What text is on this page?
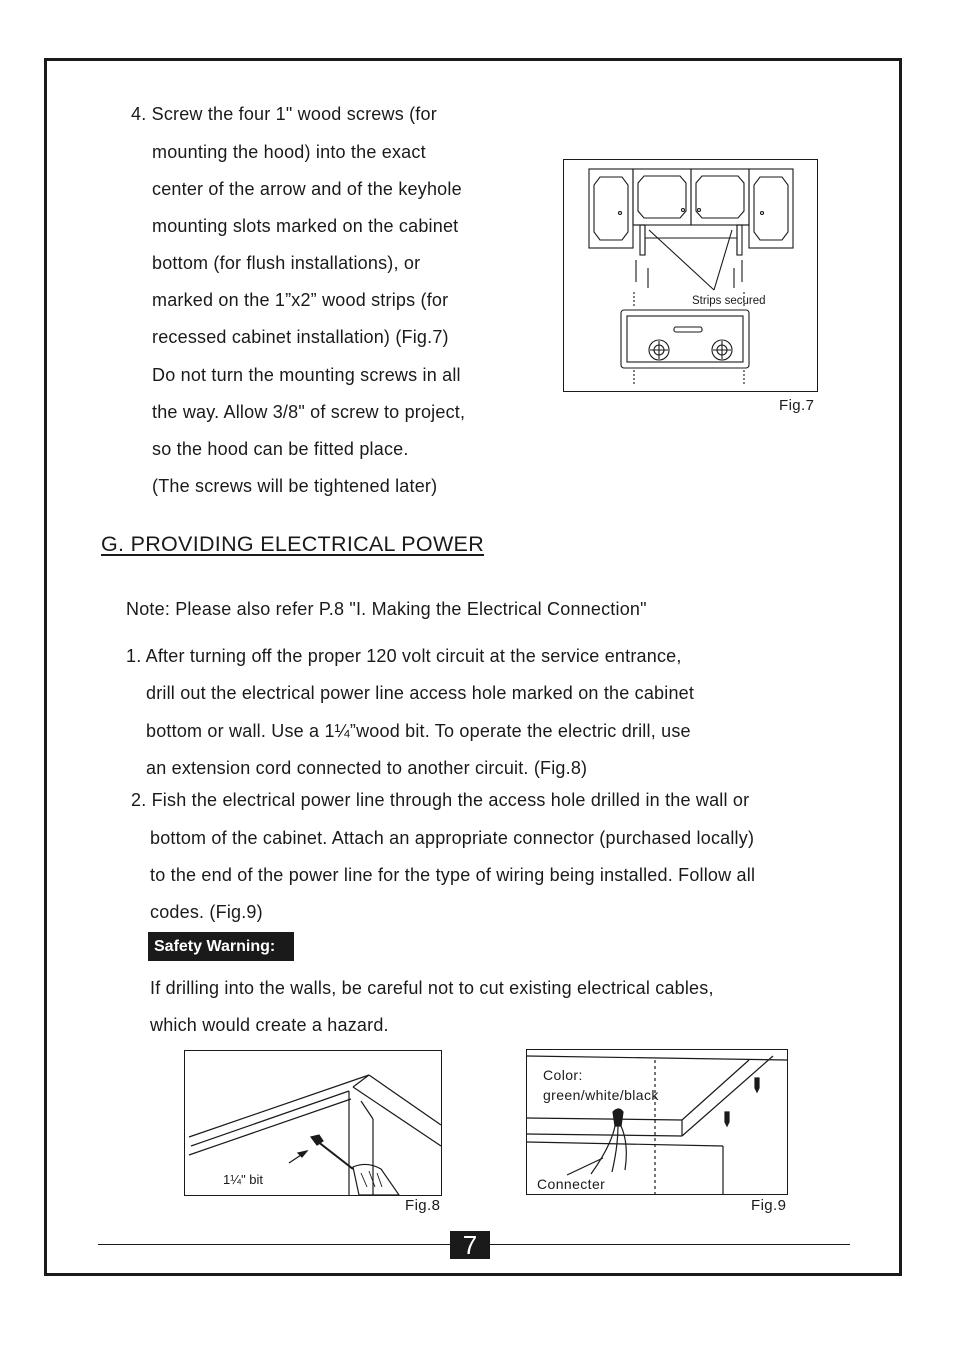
4. Screw the four 1" wood screws (for
mounting the hood) into the exact
center of the arrow and of the keyhole
mounting slots marked on the cabinet
bottom (for flush installations), or
marked on the 1”x2” wood strips (for
recessed cabinet installation) (Fig.7)
Do not turn the mounting screws in all
the way. Allow 3/8" of screw to project,
so the hood can be fitted place.
(The screws will be tightened later)
Strips secured
Fig.7
G. PROVIDING ELECTRICAL POWER
Note: Please also refer P.8 "I. Making the Electrical Connection"
1. After turning off the proper 120 volt circuit at the service entrance,
drill out the electrical power line access hole marked on the cabinet
bottom or wall. Use a 1¼”wood bit. To operate the electric drill, use
an extension cord connected to another circuit. (Fig.8)
2. Fish the electrical power line through the access hole drilled in the wall or
bottom of the cabinet. Attach an appropriate connector (purchased locally)
to the end of the power line for the type of wiring being installed. Follow all
codes. (Fig.9)
Safety Warning:
If drilling into the walls, be careful not to cut existing electrical cables,
which would create a hazard.
1¼" bit
Fig.8
Color:
green/white/black
Connecter
Fig.9
7
